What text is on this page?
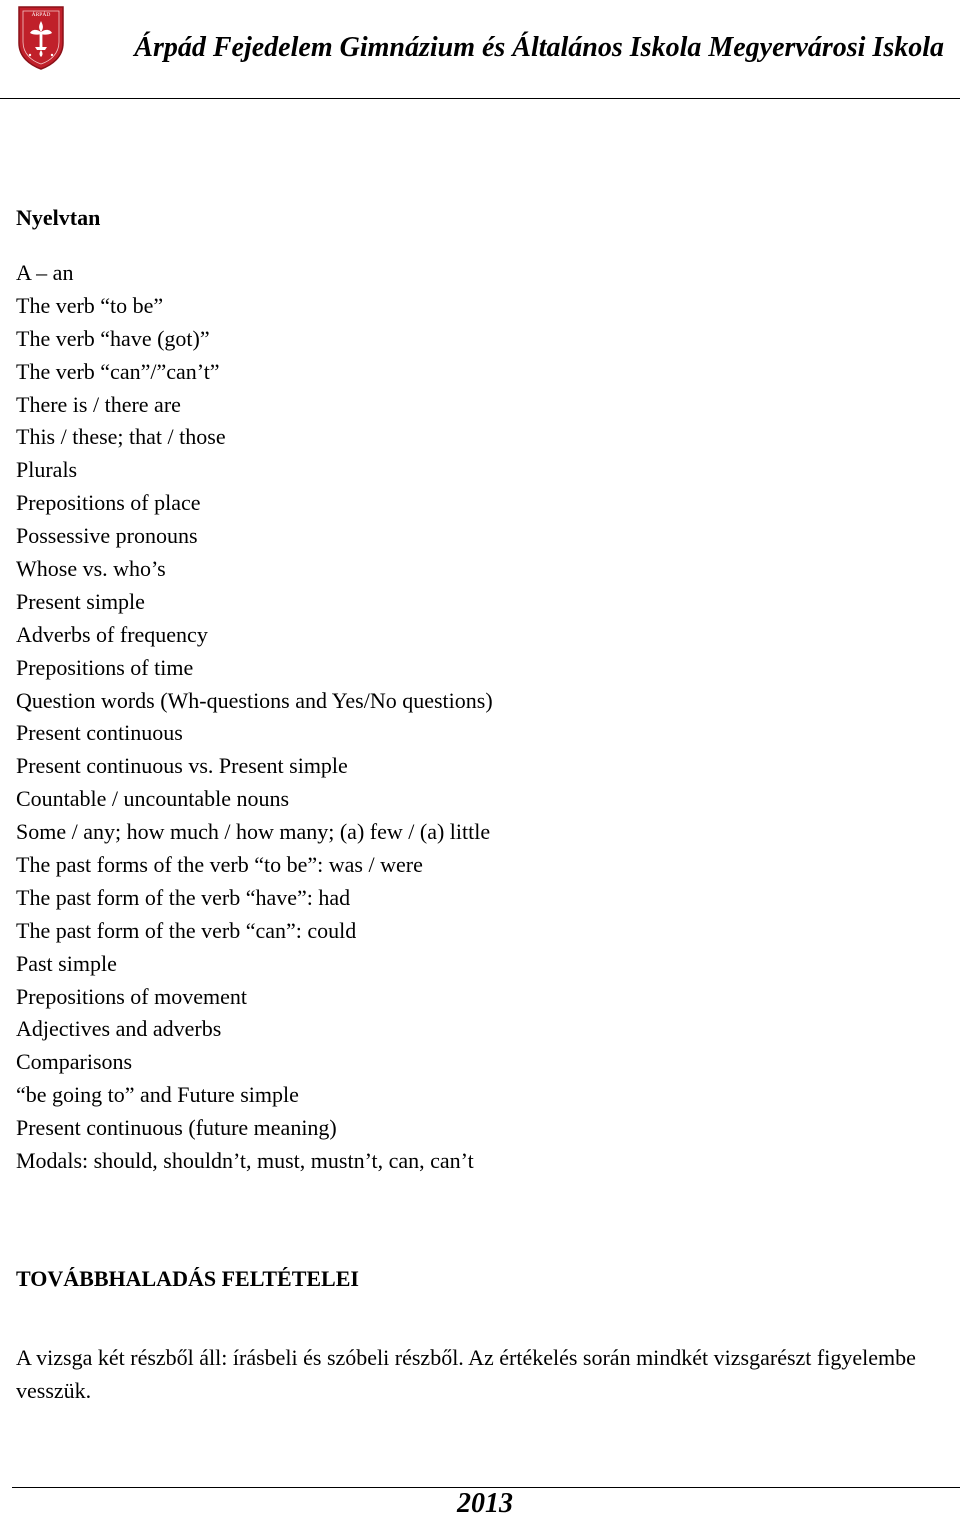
ÁRPÁD
Árpád Fejedelem Gimnázium és Általános Iskola Megyervárosi Iskola
Nyelvtan
A – an
The verb “to be”
The verb “have (got)”
The verb “can”/”can’t”
There is / there are
This / these; that / those
Plurals
Prepositions of place
Possessive pronouns
Whose vs. who’s
Present simple
Adverbs of frequency
Prepositions of time
Question words (Wh-questions and Yes/No questions)
Present continuous
Present continuous vs. Present simple
Countable / uncountable nouns
Some / any; how much / how many; (a) few / (a) little
The past forms of the verb “to be”: was / were
The past form of the verb “have”: had
The past form of the verb “can”: could
Past simple
Prepositions of movement
Adjectives and adverbs
Comparisons
“be going to” and Future simple
Present continuous (future meaning)
Modals: should, shouldn’t, must, mustn’t, can, can’t
TOVÁBBHALADÁS FELTÉTELEI

A vizsga két részből áll: írásbeli és szóbeli részből. Az értékelés során mindkét vizsgarészt figyelembe vesszük.

2013
